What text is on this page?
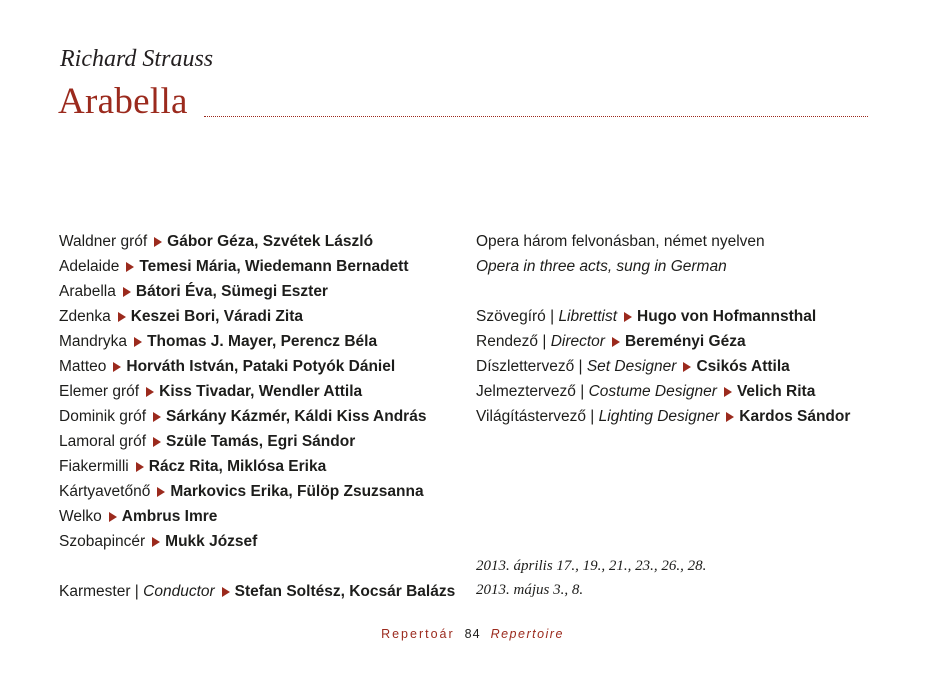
Richard Strauss
Arabella
Waldner gróf Gábor Géza, Szvétek László
Adelaide Temesi Mária, Wiedemann Bernadett
Arabella Bátori Éva, Sümegi Eszter
Zdenka Keszei Bori, Váradi Zita
Mandryka Thomas J. Mayer, Perencz Béla
Matteo Horváth István, Pataki Potyók Dániel
Elemer gróf Kiss Tivadar, Wendler Attila
Dominik gróf Sárkány Kázmér, Káldi Kiss András
Lamoral gróf Szüle Tamás, Egri Sándor
Fiakermilli Rácz Rita, Miklósa Erika
Kártyavetőnő Markovics Erika, Fülöp Zsuzsanna
Welko Ambrus Imre
Szobapincér Mukk József
Karmester | Conductor Stefan Soltész, Kocsár Balázs
Opera három felvonásban, német nyelven
Opera in three acts, sung in German
Szövegíró | Librettist Hugo von Hofmannsthal
Rendező | Director Bereményi Géza
Díszlettervező | Set Designer Csikós Attila
Jelmeztervező | Costume Designer Velich Rita
Világítástervező | Lighting Designer Kardos Sándor
2013. április 17., 19., 21., 23., 26., 28.
2013. május 3., 8.
Repertoár 84 Repertoire
